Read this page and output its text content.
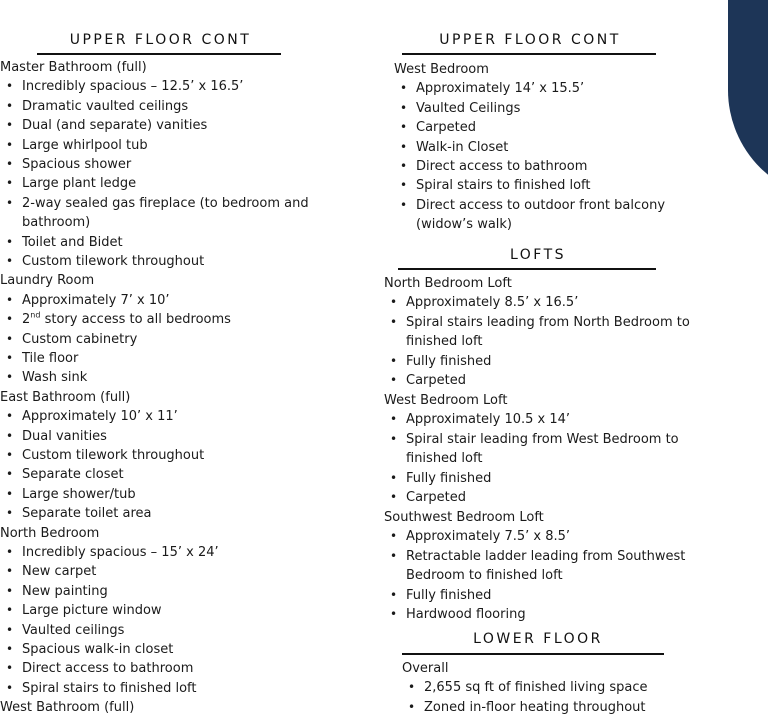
UPPER FLOOR CONT
Master Bathroom (full)
• Incredibly spacious – 12.5’ x 16.5’
• Dramatic vaulted ceilings
• Dual (and separate) vanities
• Large whirlpool tub
• Spacious shower
• Large plant ledge
• 2-way sealed gas fireplace (to bedroom and bathroom)
• Toilet and Bidet
• Custom tilework throughout
Laundry Room
• Approximately 7’ x 10’
• 2nd story access to all bedrooms
• Custom cabinetry
• Tile floor
• Wash sink
East Bathroom (full)
• Approximately 10’ x 11’
• Dual vanities
• Custom tilework throughout
• Separate closet
• Large shower/tub
• Separate toilet area
North Bedroom
• Incredibly spacious – 15’ x 24’
• New carpet
• New painting
• Large picture window
• Vaulted ceilings
• Spacious walk-in closet
• Direct access to bathroom
• Spiral stairs to finished loft
West Bathroom (full)
UPPER FLOOR CONT
West Bedroom
• Approximately 14’ x 15.5’
• Vaulted Ceilings
• Carpeted
• Walk-in Closet
• Direct access to bathroom
• Spiral stairs to finished loft
• Direct access to outdoor front balcony (widow’s walk)
LOFTS
North Bedroom Loft
• Approximately 8.5’ x 16.5’
• Spiral stairs leading from North Bedroom to finished loft
• Fully finished
• Carpeted
West Bedroom Loft
• Approximately 10.5 x 14’
• Spiral stair leading from West Bedroom to finished loft
• Fully finished
• Carpeted
Southwest Bedroom Loft
• Approximately 7.5’ x 8.5’
• Retractable ladder leading from Southwest Bedroom to finished loft
• Fully finished
• Hardwood flooring
LOWER FLOOR
Overall
• 2,655 sq ft of finished living space
• Zoned in-floor heating throughout
